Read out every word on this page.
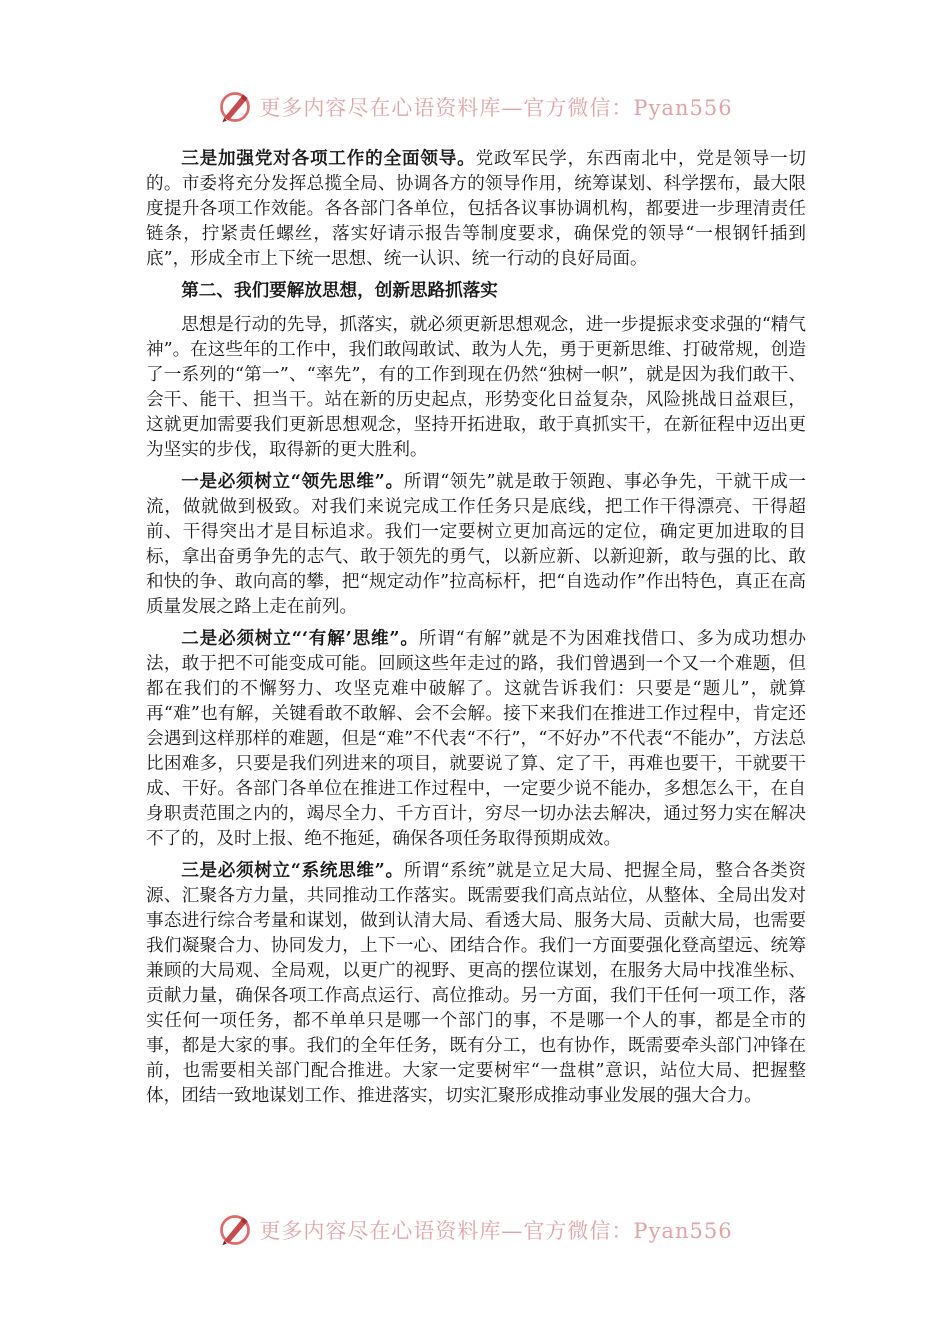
更多内容尽在心语资料库—官方微信：Pyan556

三是加强党对各项工作的全面领导。党政军民学，东西南北中，党是领导一切的。市委将充分发挥总揽全局、协调各方的领导作用，统筹谋划、科学摆布，最大限度提升各项工作效能。各各部门各单位，包括各议事协调机构，都要进一步理清责任链条，拧紧责任螺丝，落实好请示报告等制度要求，确保党的领导“一根钢钎插到底”，形成全市上下统一思想、统一认识、统一行动的良好局面。

第二、我们要解放思想，创新思路抓落实

思想是行动的先导，抓落实，就必须更新思想观念，进一步提振求变求强的“精气神”。在这些年的工作中，我们敢闯敢试、敢为人先，勇于更新思维、打破常规，创造了一系列的“第一”、“率先”，有的工作到现在仍然“独树一帜”，就是因为我们敢干、会干、能干、担当干。站在新的历史起点，形势变化日益复杂，风险挑战日益艰巨，这就更加需要我们更新思想观念，坚持开拓进取，敢于真抓实干，在新征程中迈出更为坚实的步伐，取得新的更大胜利。

一是必须树立“领先思维”。所谓“领先”就是敢于领跑、事必争先，干就干成一流，做就做到极致。对我们来说完成工作任务只是底线，把工作干得漂亮、干得超前、干得突出才是目标追求。我们一定要树立更加高远的定位，确定更加进取的目标，拿出奋勇争先的志气、敢于领先的勇气，以新应新、以新迎新，敢与强的比、敢和快的争、敢向高的攀，把“规定动作”拉高标杆，把“自选动作”作出特色，真正在高质量发展之路上走在前列。

二是必须树立“‘有解’思维”。所谓“有解”就是不为困难找借口、多为成功想办法，敢于把不可能变成可能。回顾这些年走过的路，我们曾遇到一个又一个难题，但都在我们的不懈努力、攻坚克难中破解了。这就告诉我们：只要是“题儿”，就算再“难”也有解，关键看敢不敢解、会不会解。接下来我们在推进工作过程中，肯定还会遇到这样那样的难题，但是“难”不代表“不行”，“不好办”不代表“不能办”，方法总比困难多，只要是我们列进来的项目，就要说了算、定了干，再难也要干，干就要干成、干好。各部门各单位在推进工作过程中，一定要少说不能办，多想怎么干，在自身职责范围之内的，竭尽全力、千方百计，穷尽一切办法去解决，通过努力实在解决不了的，及时上报、绝不拖延，确保各项任务取得预期成效。

三是必须树立“系统思维”。所谓“系统”就是立足大局、把握全局，整合各类资源、汇聚各方力量，共同推动工作落实。既需要我们高点站位，从整体、全局出发对事态进行综合考量和谋划，做到认清大局、看透大局、服务大局、贡献大局，也需要我们凝聚合力、协同发力，上下一心、团结合作。我们一方面要强化登高望远、统筹兼顾的大局观、全局观，以更广的视野、更高的摆位谋划，在服务大局中找准坐标、贡献力量，确保各项工作高点运行、高位推动。另一方面，我们干任何一项工作，落实任何一项任务，都不单单只是哪一个部门的事，不是哪一个人的事，都是全市的事，都是大家的事。我们的全年任务，既有分工，也有协作，既需要牵头部门冲锋在前，也需要相关部门配合推进。大家一定要树牢“一盘棋”意识，站位大局、把握整体，团结一致地谋划工作、推进落实，切实汇聚形成推动事业发展的强大合力。

更多内容尽在心语资料库—官方微信：Pyan556
